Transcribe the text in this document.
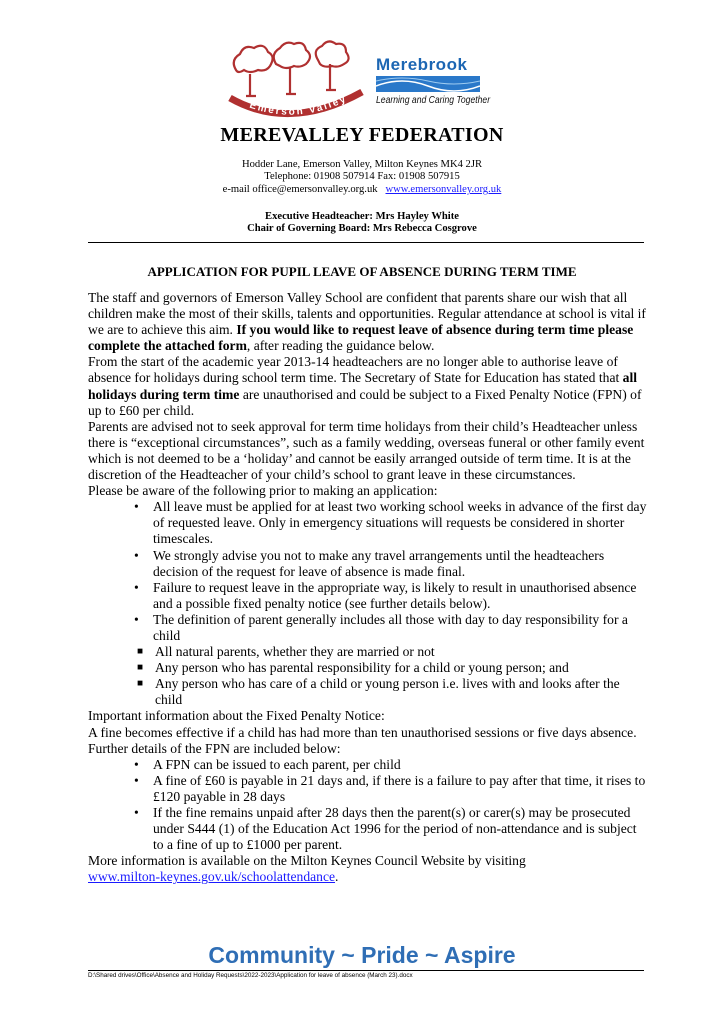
Emerson Valley
Merebrook
Learning and Caring Together
MEREVALLEY FEDERATION
Hodder Lane, Emerson Valley, Milton Keynes MK4 2JR
Telephone: 01908 507914 Fax: 01908 507915
e-mail office@emersonvalley.org.uk www.emersonvalley.org.uk
Executive Headteacher: Mrs Hayley White
Chair of Governing Board: Mrs Rebecca Cosgrove
APPLICATION FOR PUPIL LEAVE OF ABSENCE DURING TERM TIME

The staff and governors of Emerson Valley School are confident that parents share our wish that all children make the most of their skills, talents and opportunities. Regular attendance at school is vital if we are to achieve this aim. If you would like to request leave of absence during term time please complete the attached form, after reading the guidance below.

From the start of the academic year 2013-14 headteachers are no longer able to authorise leave of absence for holidays during school term time. The Secretary of State for Education has stated that all holidays during term time are unauthorised and could be subject to a Fixed Penalty Notice (FPN) of up to £60 per child.

Parents are advised not to seek approval for term time holidays from their child’s Headteacher unless there is “exceptional circumstances”, such as a family wedding, overseas funeral or other family event which is not deemed to be a ‘holiday’ and cannot be easily arranged outside of term time. It is at the discretion of the Headteacher of your child’s school to grant leave in these circumstances.

Please be aware of the following prior to making an application:

• All leave must be applied for at least two working school weeks in advance of the first day of requested leave. Only in emergency situations will requests be considered in shorter timescales.
• We strongly advise you not to make any travel arrangements until the headteachers decision of the request for leave of absence is made final.
• Failure to request leave in the appropriate way, is likely to result in unauthorised absence and a possible fixed penalty notice (see further details below).
• The definition of parent generally includes all those with day to day responsibility for a child
■ All natural parents, whether they are married or not
■ Any person who has parental responsibility for a child or young person; and
■ Any person who has care of a child or young person i.e. lives with and looks after the child

Important information about the Fixed Penalty Notice:

A fine becomes effective if a child has had more than ten unauthorised sessions or five days absence. Further details of the FPN are included below:

• A FPN can be issued to each parent, per child
• A fine of £60 is payable in 21 days and, if there is a failure to pay after that time, it rises to £120 payable in 28 days
• If the fine remains unpaid after 28 days then the parent(s) or carer(s) may be prosecuted under S444 (1) of the Education Act 1996 for the period of non-attendance and is subject to a fine of up to £1000 per parent.

More information is available on the Milton Keynes Council Website by visiting
www.milton-keynes.gov.uk/schoolattendance.

Community ~ Pride ~ Aspire
D:\Shared drives\Office\Absence and Holiday Requests\2022-2023\Application for leave of absence (March 23).docx
